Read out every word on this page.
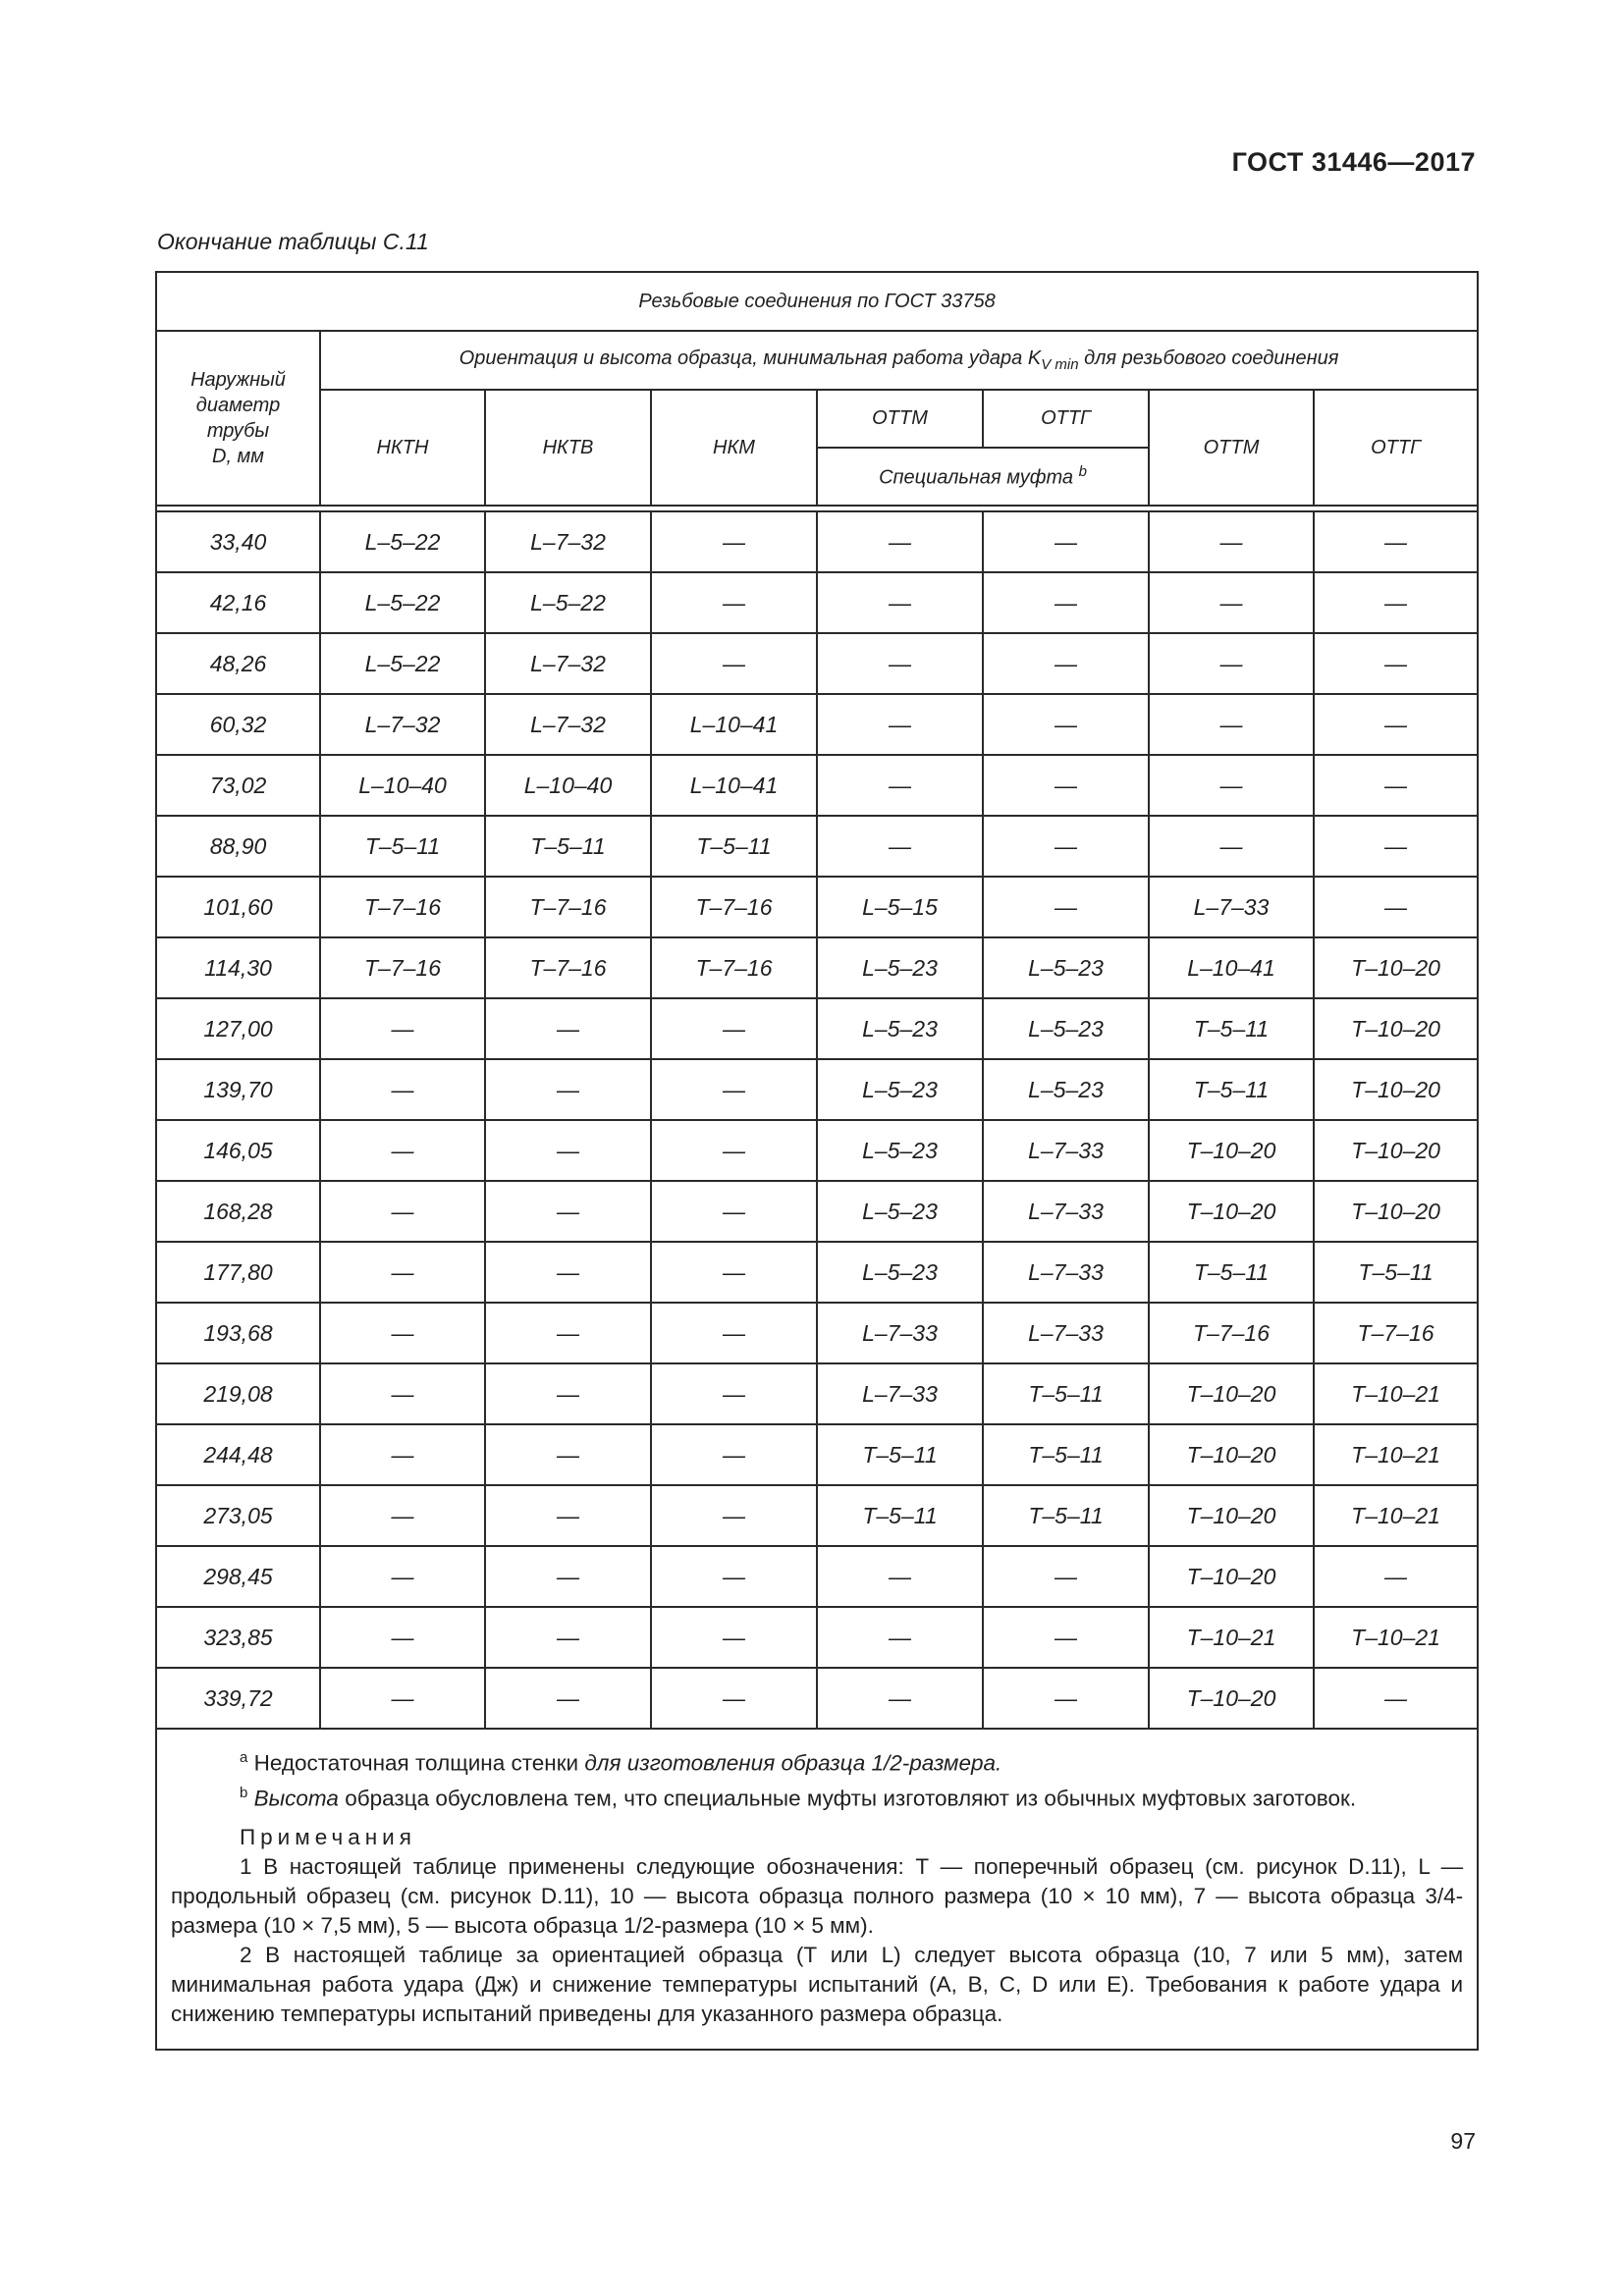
ГОСТ 31446—2017
Окончание таблицы С.11
Резьбовые соединения по ГОСТ 33758							
Наружный
диаметр
трубы
D, мм	Ориентация и высота образца, минимальная работа удара $K_{V min}$ для резьбового соединения						
	НКТН	НКТВ	НКМ	ОТТМ	ОТТГ	ОТТМ	ОТТГ
				Специальная муфта $^b$

33,40	L–5–22	L–7–32	—	—	—	—	—
42,16	L–5–22	L–5–22	—	—	—	—	—
48,26	L–5–22	L–7–32	—	—	—	—	—
60,32	L–7–32	L–7–32	L–10–41	—	—	—	—
73,02	L–10–40	L–10–40	L–10–41	—	—	—	—
88,90	T–5–11	T–5–11	T–5–11	—	—	—	—
101,60	T–7–16	T–7–16	T–7–16	L–5–15	—	L–7–33	—
114,30	T–7–16	T–7–16	T–7–16	L–5–23	L–5–23	L–10–41	T–10–20
127,00	—	—	—	L–5–23	L–5–23	T–5–11	T–10–20
139,70	—	—	—	L–5–23	L–5–23	T–5–11	T–10–20
146,05	—	—	—	L–5–23	L–7–33	T–10–20	T–10–20
168,28	—	—	—	L–5–23	L–7–33	T–10–20	T–10–20
177,80	—	—	—	L–5–23	L–7–33	T–5–11	T–5–11
193,68	—	—	—	L–7–33	L–7–33	T–7–16	T–7–16
219,08	—	—	—	L–7–33	T–5–11	T–10–20	T–10–21
244,48	—	—	—	T–5–11	T–5–11	T–10–20	T–10–21
273,05	—	—	—	T–5–11	T–5–11	T–10–20	T–10–21
298,45	—	—	—	—	—	T–10–20	—
323,85	—	—	—	—	—	T–10–21	T–10–21
339,72	—	—	—	—	—	T–10–20	—

$^a$ Недостаточная толщина стенки для изготовления образца 1/2-размера.
$^b$ Высота образца обусловлена тем, что специальные муфты изготовляют из обычных муфтовых заготовок.
Примечания
1 В настоящей таблице применены следующие обозначения: Т — поперечный образец (см. рисунок D.11), L — продольный образец (см. рисунок D.11), 10 — высота образца полного размера (10 × 10 мм), 7 — высота образца 3/4-размера (10 × 7,5 мм), 5 — высота образца 1/2-размера (10 × 5 мм).
2 В настоящей таблице за ориентацией образца (Т или L) следует высота образца (10, 7 или 5 мм), затем минимальная работа удара (Дж) и снижение температуры испытаний (A, B, C, D или E). Требования к работе удара и снижению температуры испытаний приведены для указанного размера образца.							
97
